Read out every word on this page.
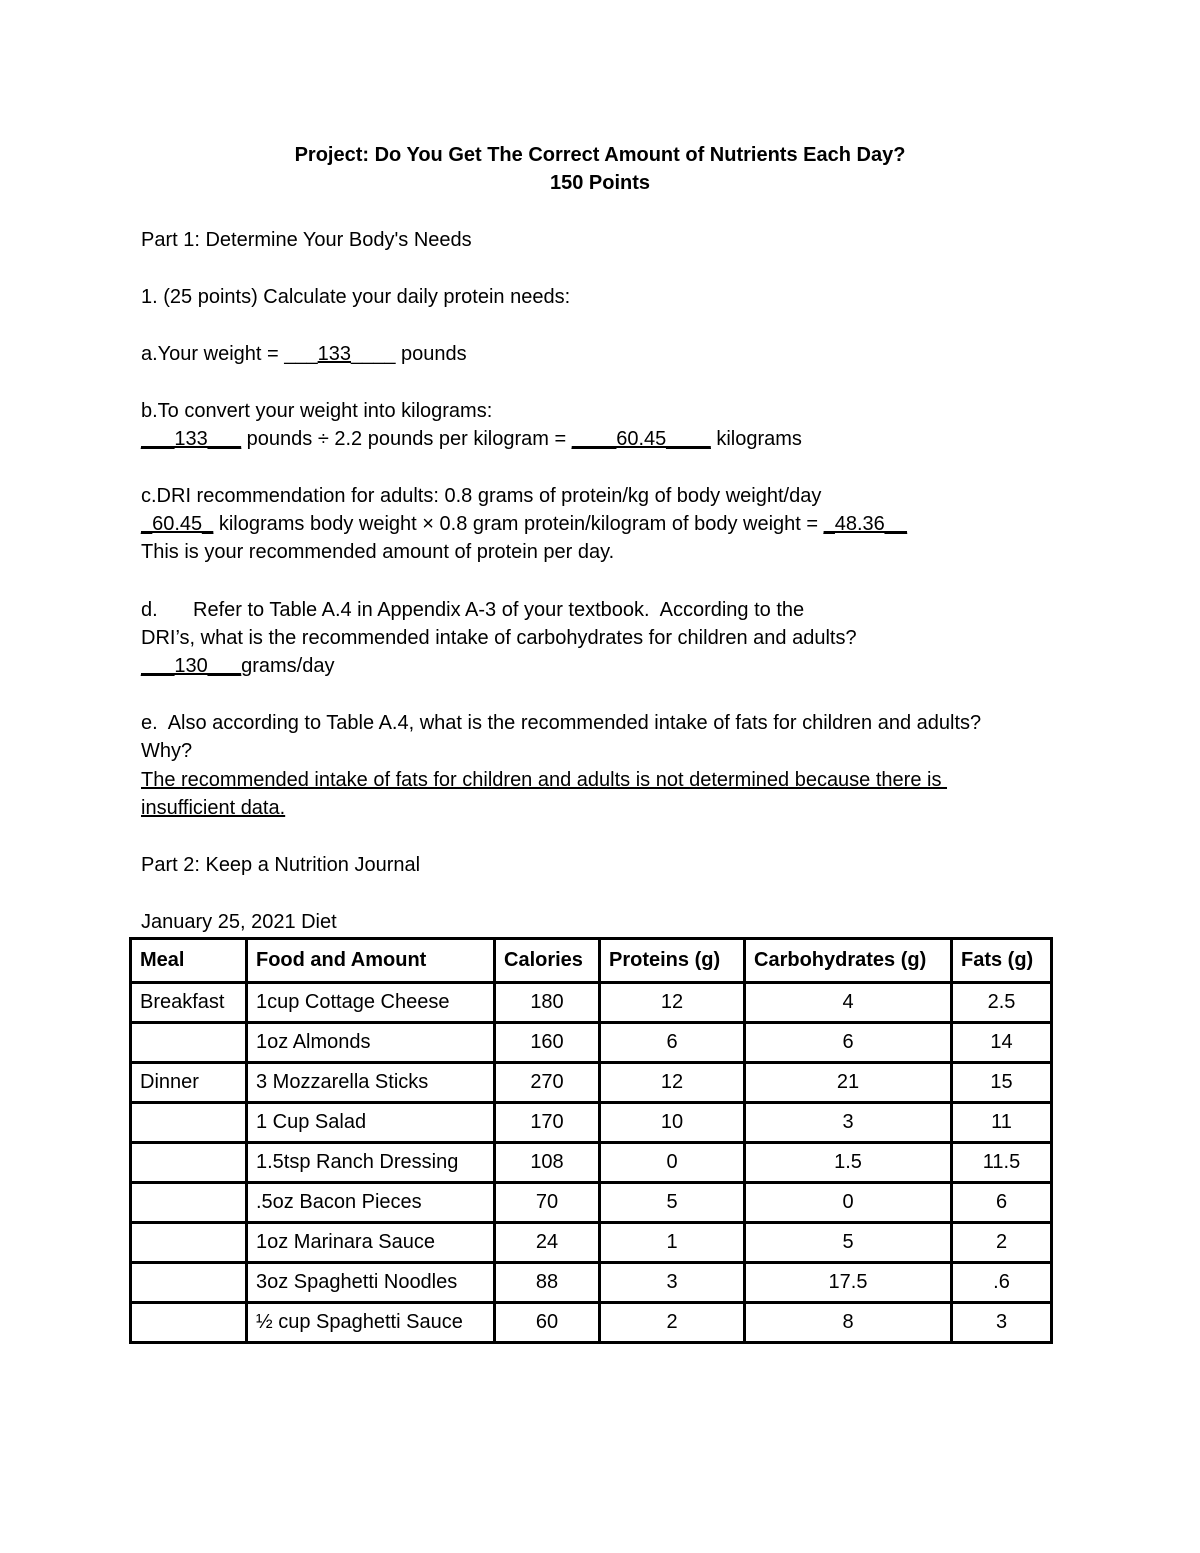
Project: Do You Get The Correct Amount of Nutrients Each Day?
150 Points
Part 1: Determine Your Body's Needs
1. (25 points) Calculate your daily protein needs:
a.Your weight = ___133____ pounds
b.To convert your weight into kilograms:
___133___ pounds ÷ 2.2 pounds per kilogram = ____60.45____ kilograms
c.DRI recommendation for adults: 0.8 grams of protein/kg of body weight/day
_60.45_ kilograms body weight × 0.8 gram protein/kilogram of body weight = _48.36__
This is your recommended amount of protein per day.
d. Refer to Table A.4 in Appendix A-3 of your textbook.  According to the
DRI’s, what is the recommended intake of carbohydrates for children and adults?
___130___grams/day
e.  Also according to Table A.4, what is the recommended intake of fats for children and adults?
Why?
The recommended intake of fats for children and adults is not determined because there is
insufficient data.
Part 2: Keep a Nutrition Journal
January 25, 2021 Diet
Meal	Food and Amount	Calories	Proteins (g)	Carbohydrates (g)	Fats (g)
Breakfast	1cup Cottage Cheese	180	12	4	2.5
	1oz Almonds	160	6	6	14
Dinner	3 Mozzarella Sticks	270	12	21	15
	1 Cup Salad	170	10	3	11
	1.5tsp Ranch Dressing	108	0	1.5	11.5
	.5oz Bacon Pieces	70	5	0	6
	1oz Marinara Sauce	24	1	5	2
	3oz Spaghetti Noodles	88	3	17.5	.6
	½ cup Spaghetti Sauce	60	2	8	3
